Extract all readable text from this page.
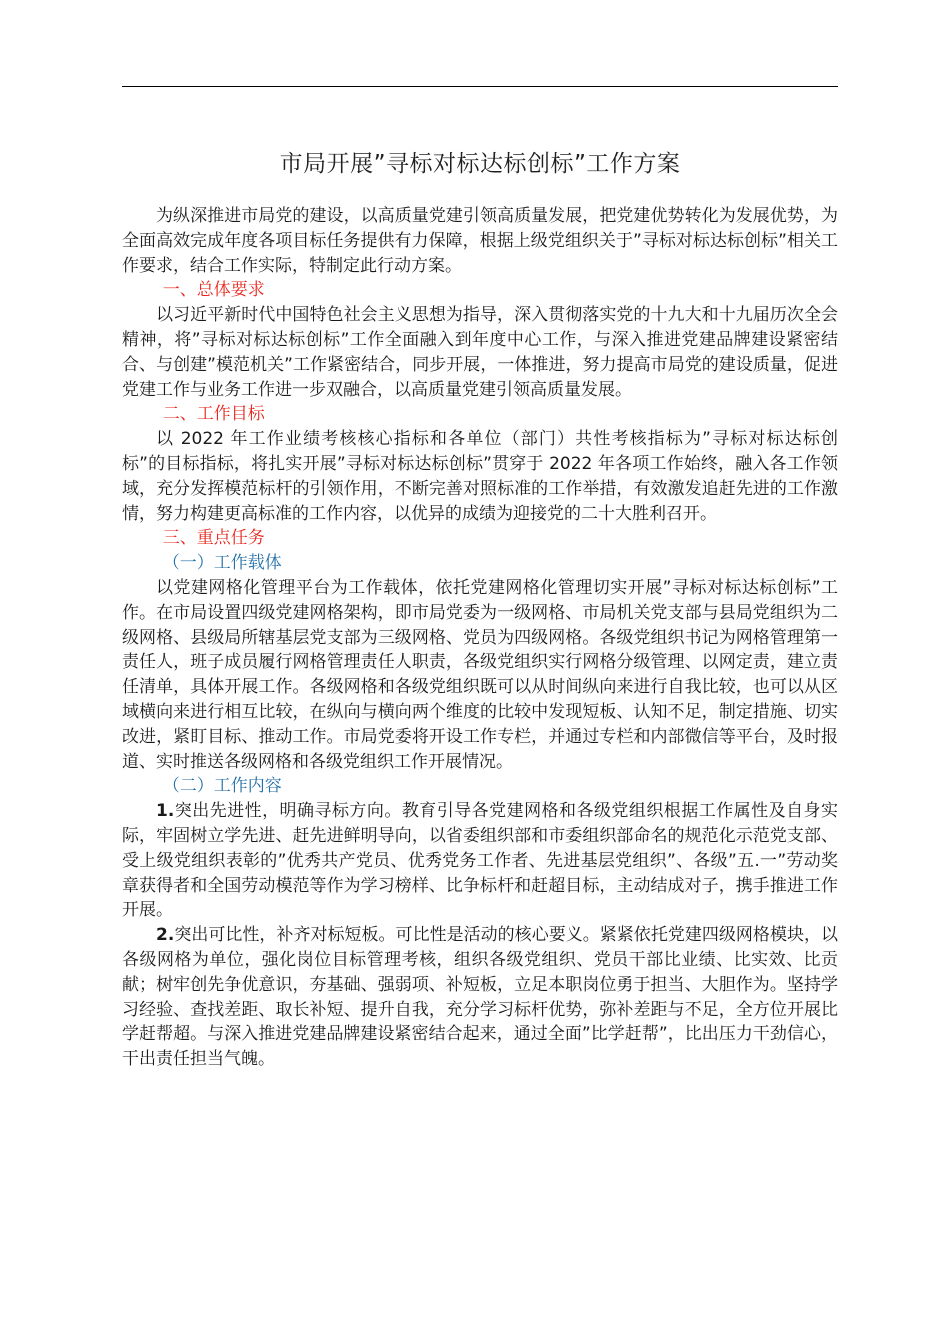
市局开展”寻标对标达标创标”工作方案

为纵深推进市局党的建设，以高质量党建引领高质量发展，把党建优势转化为发展优势，为全面高效完成年度各项目标任务提供有力保障，根据上级党组织关于”寻标对标达标创标”相关工作要求，结合工作实际，特制定此行动方案。

一、总体要求

以习近平新时代中国特色社会主义思想为指导，深入贯彻落实党的十九大和十九届历次全会精神，将”寻标对标达标创标”工作全面融入到年度中心工作，与深入推进党建品牌建设紧密结合、与创建”模范机关”工作紧密结合，同步开展，一体推进，努力提高市局党的建设质量，促进党建工作与业务工作进一步双融合，以高质量党建引领高质量发展。

二、工作目标

以 2022 年工作业绩考核核心指标和各单位（部门）共性考核指标为”寻标对标达标创标”的目标指标，将扎实开展”寻标对标达标创标”贯穿于 2022 年各项工作始终，融入各工作领域，充分发挥模范标杆的引领作用，不断完善对照标准的工作举措，有效激发追赶先进的工作激情，努力构建更高标准的工作内容，以优异的成绩为迎接党的二十大胜利召开。

三、重点任务
（一）工作载体

以党建网格化管理平台为工作载体，依托党建网格化管理切实开展”寻标对标达标创标”工作。在市局设置四级党建网格架构，即市局党委为一级网格、市局机关党支部与县局党组织为二级网格、县级局所辖基层党支部为三级网格、党员为四级网格。各级党组织书记为网格管理第一责任人，班子成员履行网格管理责任人职责，各级党组织实行网格分级管理、以网定责，建立责任清单，具体开展工作。各级网格和各级党组织既可以从时间纵向来进行自我比较，也可以从区域横向来进行相互比较，在纵向与横向两个维度的比较中发现短板、认知不足，制定措施、切实改进，紧盯目标、推动工作。市局党委将开设工作专栏，并通过专栏和内部微信等平台，及时报道、实时推送各级网格和各级党组织工作开展情况。

（二）工作内容

1.突出先进性，明确寻标方向。教育引导各党建网格和各级党组织根据工作属性及自身实际，牢固树立学先进、赶先进鲜明导向，以省委组织部和市委组织部命名的规范化示范党支部、受上级党组织表彰的”优秀共产党员、优秀党务工作者、先进基层党组织”、各级”五.一”劳动奖章获得者和全国劳动模范等作为学习榜样、比争标杆和赶超目标，主动结成对子，携手推进工作开展。

2.突出可比性，补齐对标短板。可比性是活动的核心要义。紧紧依托党建四级网格模块，以各级网格为单位，强化岗位目标管理考核，组织各级党组织、党员干部比业绩、比实效、比贡献；树牢创先争优意识，夯基础、强弱项、补短板，立足本职岗位勇于担当、大胆作为。坚持学习经验、查找差距、取长补短、提升自我，充分学习标杆优势，弥补差距与不足，全方位开展比学赶帮超。与深入推进党建品牌建设紧密结合起来，通过全面”比学赶帮”，比出压力干劲信心，干出责任担当气魄。
